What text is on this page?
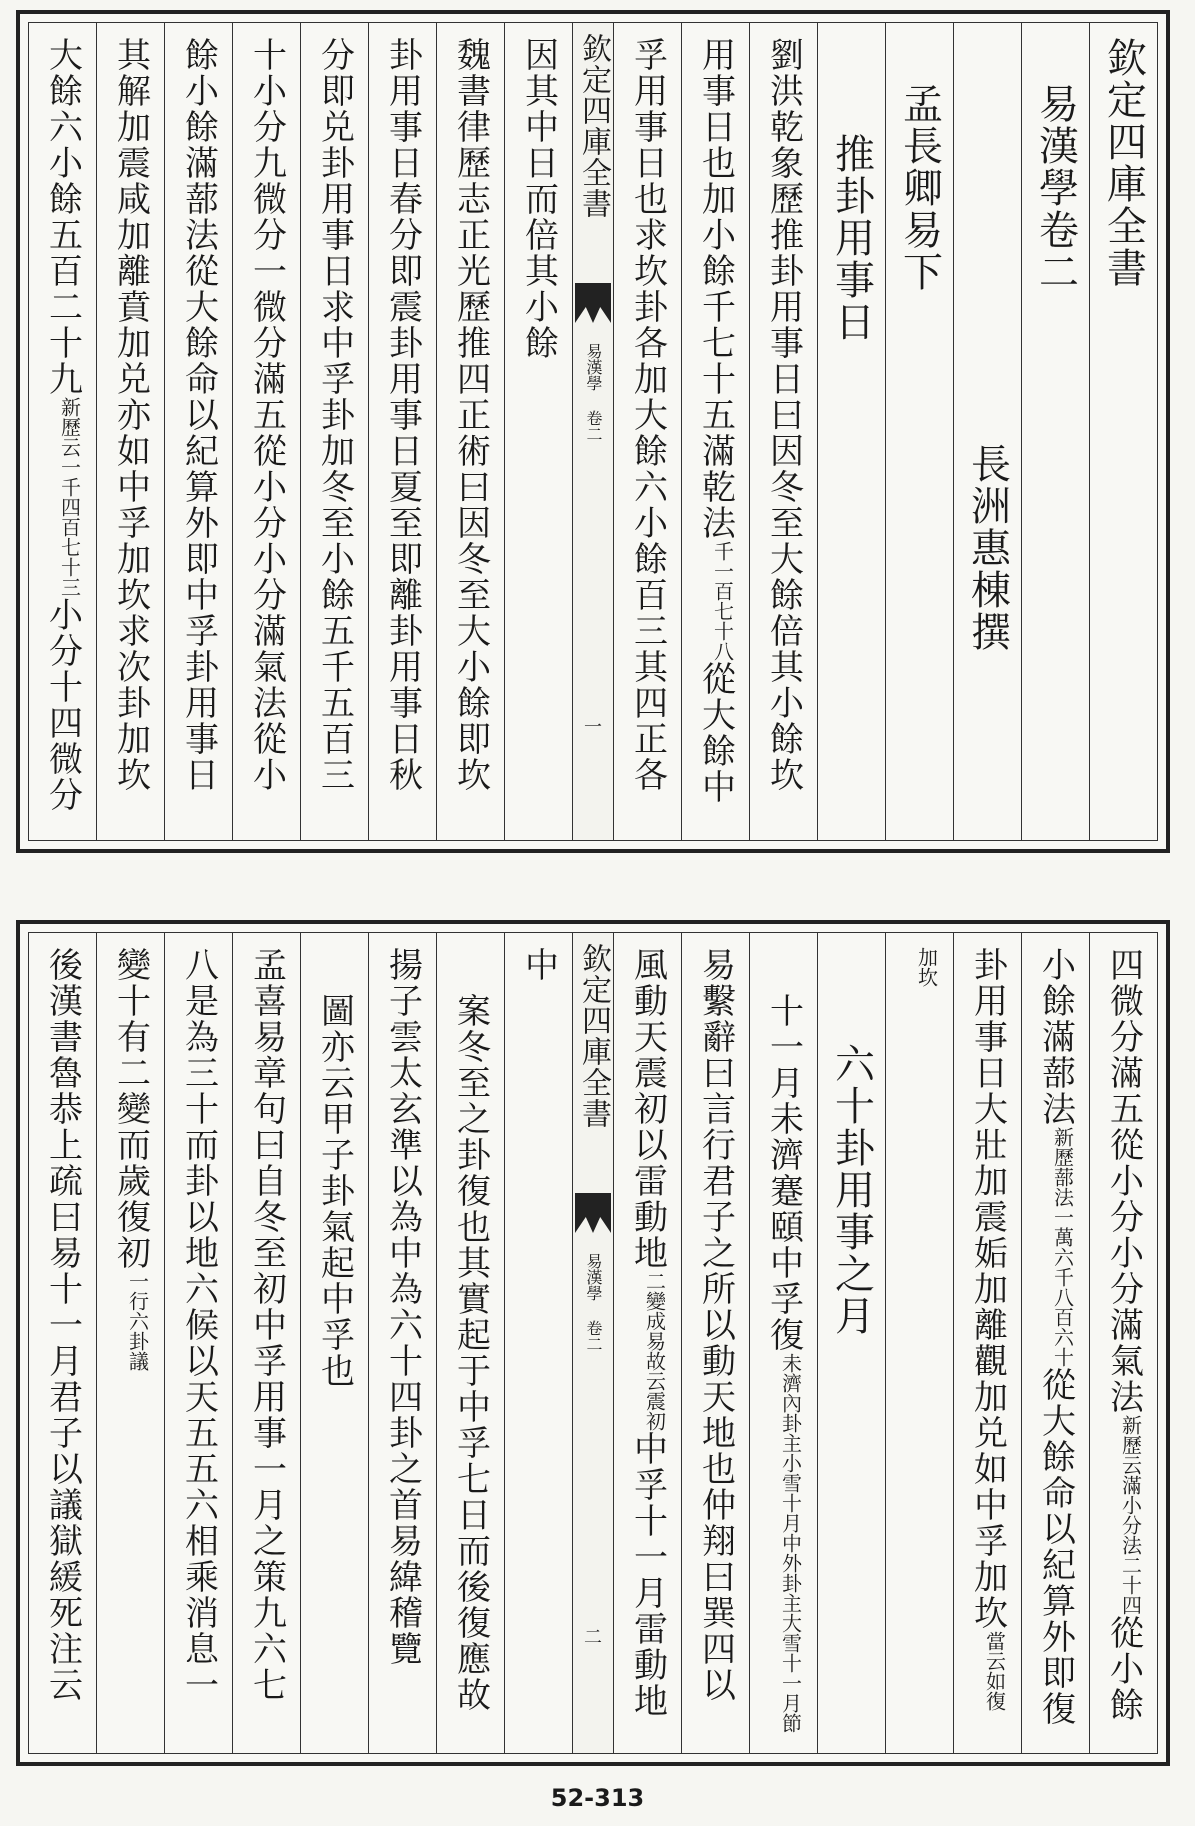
欽定四庫全書
易漢學卷二
長洲惠棟撰
孟長卿易下
推卦用事日
劉洪乾象歷推卦用事日曰因冬至大餘倍其小餘坎
用事日也加小餘千七十五滿乾法千一百七十八從大餘中
孚用事日也求坎卦各加大餘六小餘百三其四正各
欽定四庫全書
易漢學 卷二
一
因其中日而倍其小餘
魏書律歷志正光歷推四正術曰因冬至大小餘即坎
卦用事日春分即震卦用事日夏至即離卦用事日秋
分即兑卦用事日求中孚卦加冬至小餘五千五百三
十小分九微分一微分滿五從小分小分滿氣法從小
餘小餘滿蔀法從大餘命以紀算外即中孚卦用事日
其解加震咸加離賁加兑亦如中孚加坎求次卦加坎
大餘六小餘五百二十九新歷云一千四百七十三小分十四微分
四微分滿五從小分小分滿氣法新歷云滿小分法二十四從小餘
小餘滿蔀法新歷蔀法一萬六千八百六十從大餘命以紀算外即復
卦用事日大壯加震姤加離觀加兑如中孚加坎當云如復
加坎
六十卦用事之月
十一月未濟蹇頤中孚復未濟內卦主小雪十月中外卦主大雪十一月節
易繫辭曰言行君子之所以動天地也仲翔曰巽四以
風動天震初以雷動地二變成易故云震初中孚十一月雷動地
欽定四庫全書
易漢學 卷二
二
中
案冬至之卦復也其實起于中孚七日而後復應故
揚子雲太玄準以為中為六十四卦之首易緯稽覽
圖亦云甲子卦氣起中孚也
孟喜易章句曰自冬至初中孚用事一月之策九六七
八是為三十而卦以地六候以天五五六相乘消息一
變十有二變而歲復初一行六卦議
後漢書魯恭上疏曰易十一月君子以議獄緩死注云
52-313
